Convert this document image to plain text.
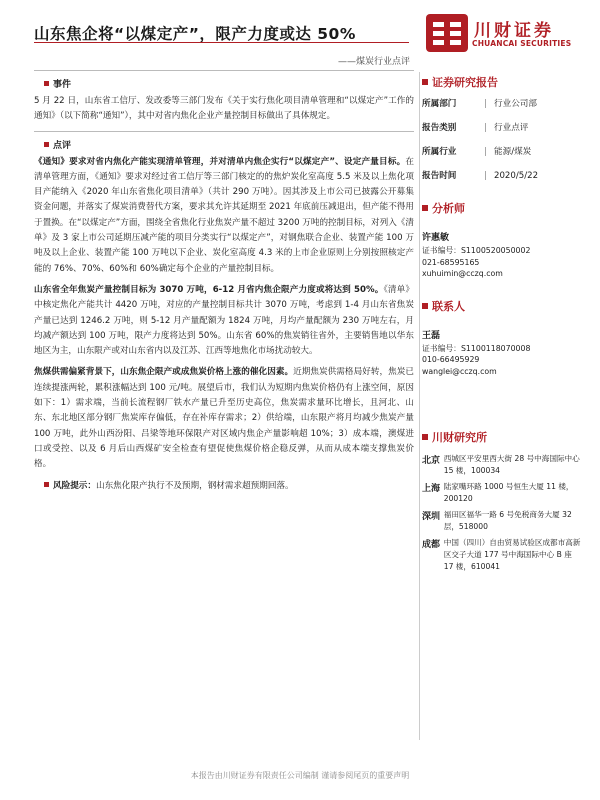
山东焦企将“以煤定产”，限产力度或达 50%
——煤炭行业点评
川财证券
CHUANCAI SECURITIES
事件

5 月 22 日，山东省工信厅、发改委等三部门发布《关于实行焦化项目清单管理和“以煤定产”工作的通知》（以下简称“通知”），其中对省内焦化企业产量控制目标做出了具体规定。

点评

《通知》要求对省内焦化产能实现清单管理，并对清单内焦企实行“以煤定产”、设定产量目标。在清单管理方面，《通知》要求对经过省工信厅等三部门核定的的焦炉炭化室高度 5.5 米及以上焦化项目产能纳入《2020 年山东省焦化项目清单》（共计 290 万吨）。因其涉及上市公司已披露公开募集资金问题，并落实了煤炭消费替代方案，要求其允许其延期至 2021 年底前压减退出，但产能不得用于置换。在“以煤定产”方面，围绕全省焦化行业焦炭产量不超过 3200 万吨的控制目标，对列入《清单》及 3 家上市公司延期压减产能的项目分类实行“以煤定产”，对钢焦联合企业、装置产能 100 万吨及以上企业、装置产能 100 万吨以下企业、炭化室高度 4.3 米的上市企业原则上分别按照核定产能的 76%、70%、60%和 60%确定每个企业的产量控制目标。

山东省全年焦炭产量控制目标为 3070 万吨，6-12 月省内焦企限产力度或将达到 50%。《清单》中核定焦化产能共计 4420 万吨，对应的产量控制目标共计 3070 万吨，考虑到 1-4 月山东省焦炭产量已达到 1246.2 万吨，则 5-12 月产量配额为 1824 万吨，月均产量配额为 230 万吨左右，月均减产额达到 100 万吨，限产力度将达到 50%。山东省 60%的焦炭销往省外，主要销售地以华东地区为主，山东限产或对山东省内以及江苏、江西等地焦化市场扰动较大。

焦煤供需偏紧背景下，山东焦企限产或成焦炭价格上涨的催化因素。近期焦炭供需格局好转，焦炭已连续提涨两轮，累积涨幅达到 100 元/吨。展望后市，我们认为短期内焦炭价格仍有上涨空间，原因如下：1）需求端，当前长流程钢厂铁水产量已升至历史高位，焦炭需求量环比增长，且河北、山东、东北地区部分钢厂焦炭库存偏低，存在补库存需求；2）供给端，山东限产将月均减少焦炭产量 100 万吨，此外山西汾阳、吕梁等地环保限产对区域内焦企产量影响超 10%；3）成本端，澳煤进口或受控、以及 6 月后山西煤矿安全检查有望促使焦煤价格企稳反弹，从而从成本端支撑焦炭价格。

风险提示：山东焦化限产执行不及预期，钢材需求超预期回落。
证券研究报告
所属部门	| 行业公司部
报告类别	| 行业点评
所属行业	| 能源/煤炭
报告时间	| 2020/5/22
分析师
许惠敏
证书编号：S1100520050002
021-68595165
xuhuimin@cczq.com
联系人
王磊
证书编号：S1100118070008
010-66495929
wanglei@cczq.com
川财研究所
北京 西城区平安里西大街 28 号中海国际中心 15 楼，100034
上海 陆家嘴环路 1000 号恒生大厦 11 楼，200120
深圳 福田区福华一路 6 号免税商务大厦 32 层，518000
成都 中国（四川）自由贸易试验区成都市高新区交子大道 177 号中海国际中心 B 座 17 楼，610041
本报告由川财证券有限责任公司编制 谨请参阅尾页的重要声明
